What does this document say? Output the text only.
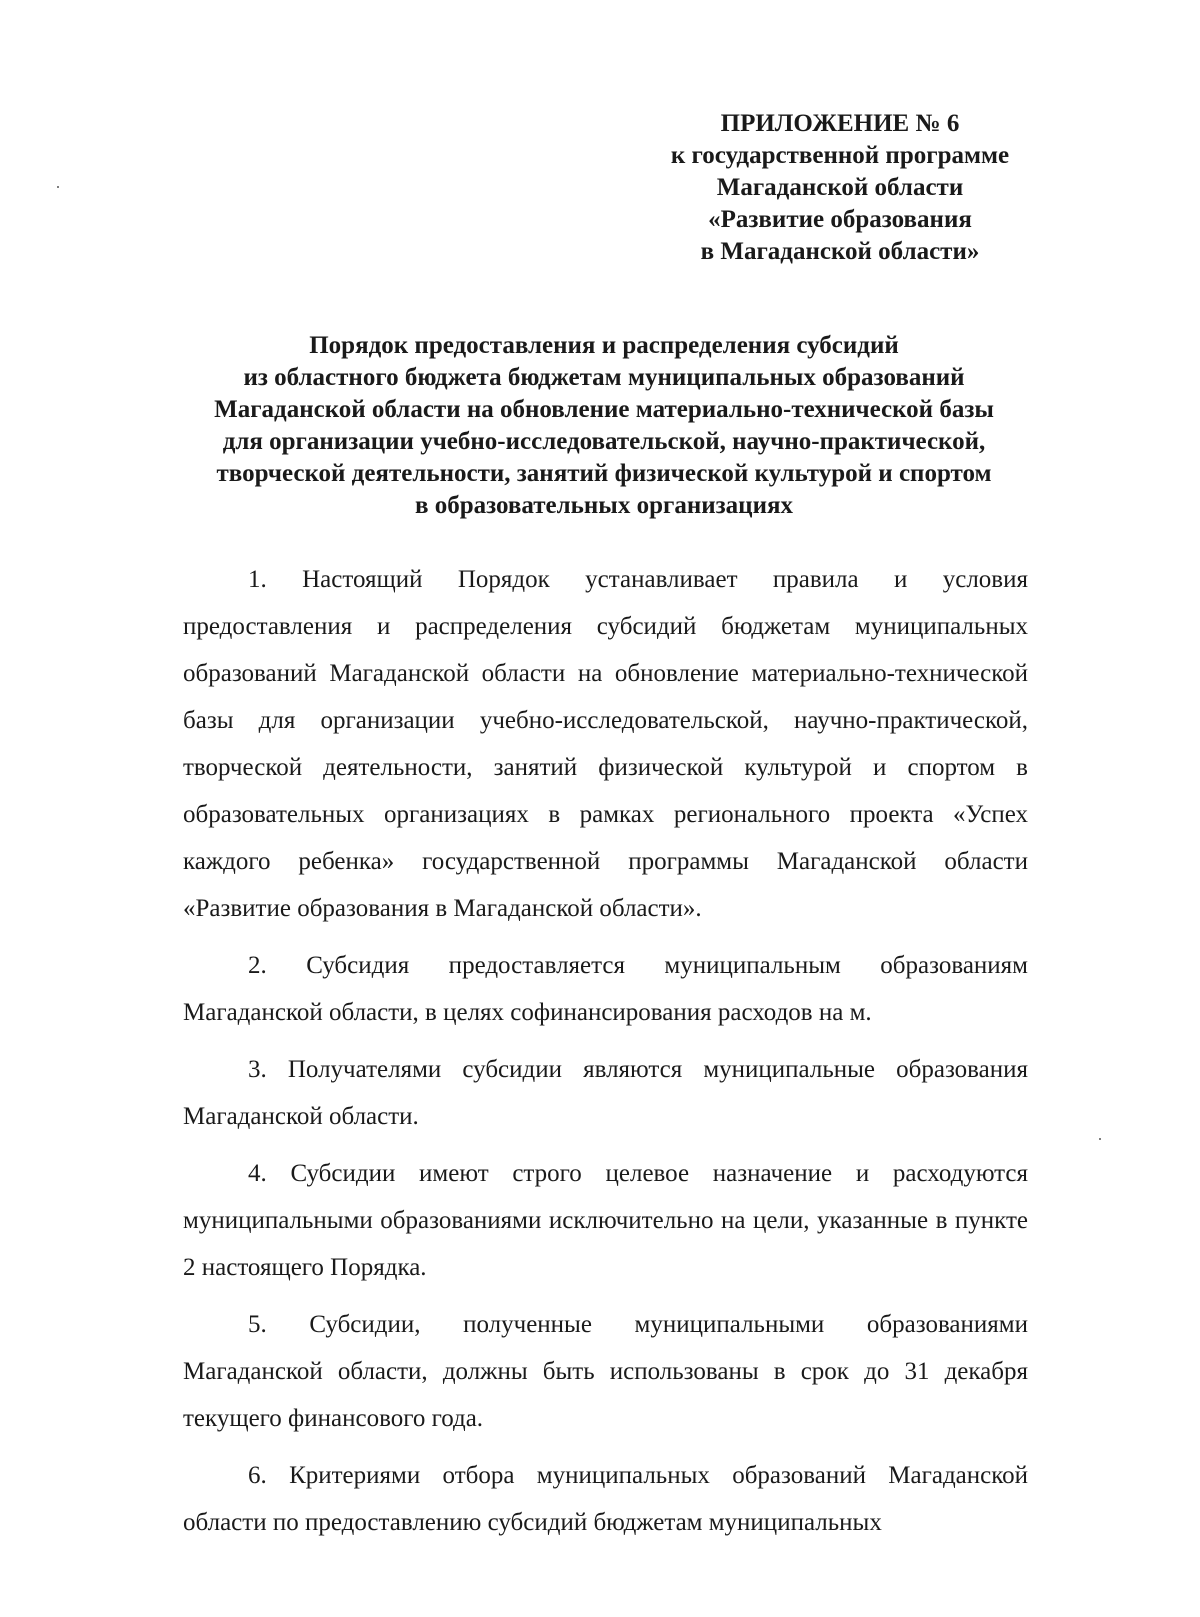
ПРИЛОЖЕНИЕ № 6
к государственной программе
Магаданской области
«Развитие образования
в Магаданской области»
Порядок предоставления и распределения субсидий
из областного бюджета бюджетам муниципальных образований
Магаданской области на обновление материально-технической базы
для организации учебно-исследовательской, научно-практической,
творческой деятельности, занятий физической культурой и спортом
в образовательных организациях

1. Настоящий Порядок устанавливает правила и условия предоставления и распределения субсидий бюджетам муниципальных образований Магаданской области на обновление материально-технической базы для организации учебно-исследовательской, научно-практической, творческой деятельности, занятий физической культурой и спортом в образовательных организациях в рамках регионального проекта «Успех каждого ребенка» государственной программы Магаданской области «Развитие образования в Магаданской области».

2. Субсидия предоставляется муниципальным образованиям Магаданской области, в целях софинансирования расходов на м.

3. Получателями субсидии являются муниципальные образования Магаданской области.

4. Субсидии имеют строго целевое назначение и расходуются муниципальными образованиями исключительно на цели, указанные в пункте 2 настоящего Порядка.

5. Субсидии, полученные муниципальными образованиями Магаданской области, должны быть использованы в срок до 31 декабря текущего финансового года.

6. Критериями отбора муниципальных образований Магаданской области по предоставлению субсидий бюджетам муниципальных
